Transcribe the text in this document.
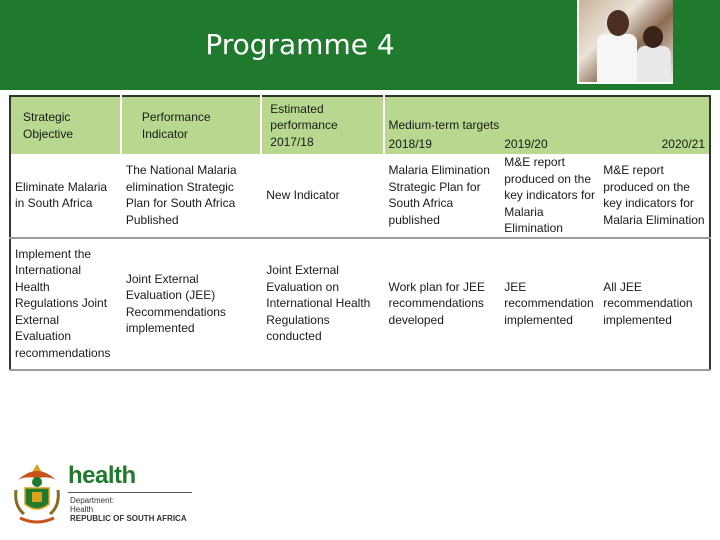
Programme 4
Strategic Objective	Performance Indicator	Estimated performance 2017/18	Medium-term targets		
			2018/19	2019/20	2020/21
Eliminate Malaria in South Africa	The National Malaria elimination Strategic Plan for South Africa Published	New Indicator	Malaria Elimination Strategic Plan for South Africa published	M&E report produced on the key indicators for Malaria Elimination	M&E report produced on the key indicators for Malaria Elimination
Implement the International Health Regulations Joint External Evaluation recommendations	Joint External Evaluation (JEE) Recommendations implemented	Joint External Evaluation on International Health Regulations conducted	Work plan for JEE recommendations developed	JEE recommendation implemented	All JEE recommendation implemented
health
Department:
Health
REPUBLIC OF SOUTH AFRICA
